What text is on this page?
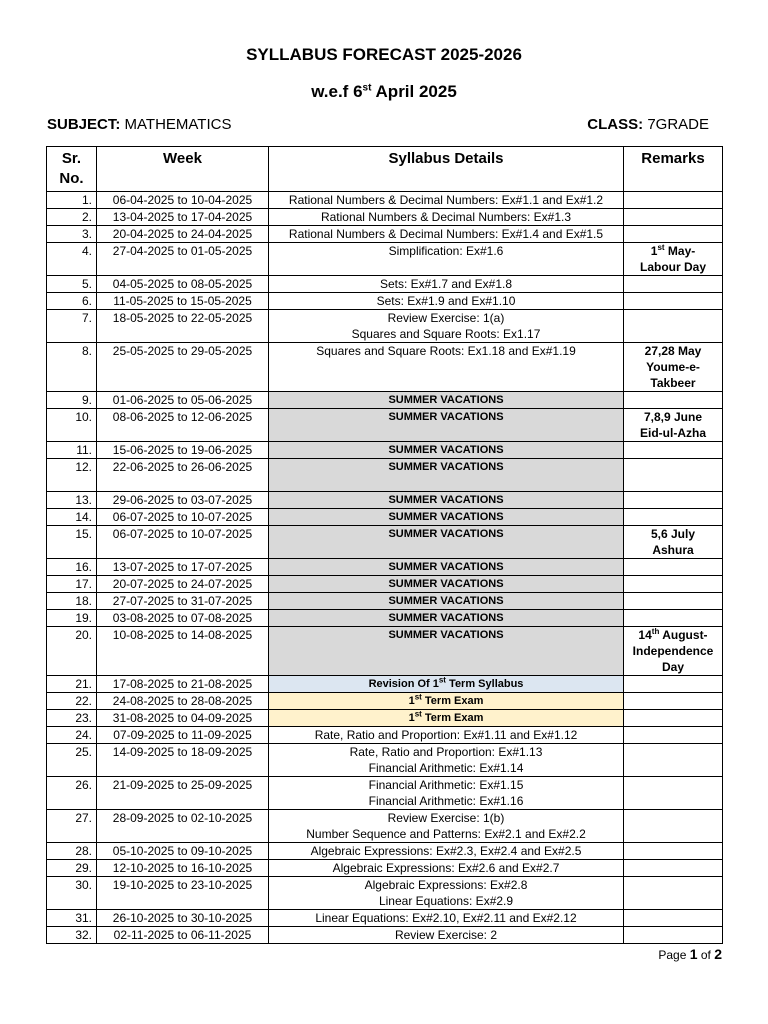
SYLLABUS FORECAST 2025-2026
w.e.f 6st April 2025
SUBJECT: MATHEMATICS	CLASS: 7GRADE
Sr. No.	Week	Syllabus Details	Remarks
1.	06-04-2025 to 10-04-2025	Rational Numbers & Decimal Numbers: Ex#1.1 and Ex#1.2	

2.	13-04-2025 to 17-04-2025	Rational Numbers & Decimal Numbers: Ex#1.3	

3.	20-04-2025 to 24-04-2025	Rational Numbers & Decimal Numbers: Ex#1.4 and Ex#1.5	

4.	27-04-2025 to 01-05-2025	Simplification: Ex#1.6	1st May-
Labour Day

5.	04-05-2025 to 08-05-2025	Sets: Ex#1.7 and Ex#1.8	

6.	11-05-2025 to 15-05-2025	Sets: Ex#1.9 and Ex#1.10	

7.	18-05-2025 to 22-05-2025	Review Exercise: 1(a)
Squares and Square Roots: Ex1.17	

8.	25-05-2025 to 29-05-2025	Squares and Square Roots: Ex1.18 and Ex#1.19	27,28 May
Youme-e-
Takbeer

9.	01-06-2025 to 05-06-2025	SUMMER VACATIONS	

10.	08-06-2025 to 12-06-2025	SUMMER VACATIONS	7,8,9 June
Eid-ul-Azha

11.	15-06-2025 to 19-06-2025	SUMMER VACATIONS	

12.	22-06-2025 to 26-06-2025	SUMMER VACATIONS	

13.	29-06-2025 to 03-07-2025	SUMMER VACATIONS	

14.	06-07-2025 to 10-07-2025	SUMMER VACATIONS	

15.	06-07-2025 to 10-07-2025	SUMMER VACATIONS	5,6 July
Ashura

16.	13-07-2025 to 17-07-2025	SUMMER VACATIONS	

17.	20-07-2025 to 24-07-2025	SUMMER VACATIONS	

18.	27-07-2025 to 31-07-2025	SUMMER VACATIONS	

19.	03-08-2025 to 07-08-2025	SUMMER VACATIONS	

20.	10-08-2025 to 14-08-2025	SUMMER VACATIONS	14th August-
Independence
Day

21.	17-08-2025 to 21-08-2025	Revision Of 1st Term Syllabus	

22.	24-08-2025 to 28-08-2025	1st Term Exam	

23.	31-08-2025 to 04-09-2025	1st Term Exam	

24.	07-09-2025 to 11-09-2025	Rate, Ratio and Proportion: Ex#1.11 and Ex#1.12	

25.	14-09-2025 to 18-09-2025	Rate, Ratio and Proportion: Ex#1.13
Financial Arithmetic: Ex#1.14	

26.	21-09-2025 to 25-09-2025	Financial Arithmetic: Ex#1.15
Financial Arithmetic: Ex#1.16	

27.	28-09-2025 to 02-10-2025	Review Exercise: 1(b)
Number Sequence and Patterns: Ex#2.1 and Ex#2.2	

28.	05-10-2025 to 09-10-2025	Algebraic Expressions: Ex#2.3, Ex#2.4 and Ex#2.5	

29.	12-10-2025 to 16-10-2025	Algebraic Expressions: Ex#2.6 and Ex#2.7	

30.	19-10-2025 to 23-10-2025	Algebraic Expressions: Ex#2.8
Linear Equations: Ex#2.9	

31.	26-10-2025 to 30-10-2025	Linear Equations: Ex#2.10, Ex#2.11 and Ex#2.12	

32.	02-11-2025 to 06-11-2025	Review Exercise: 2	

Page 1 of 2
